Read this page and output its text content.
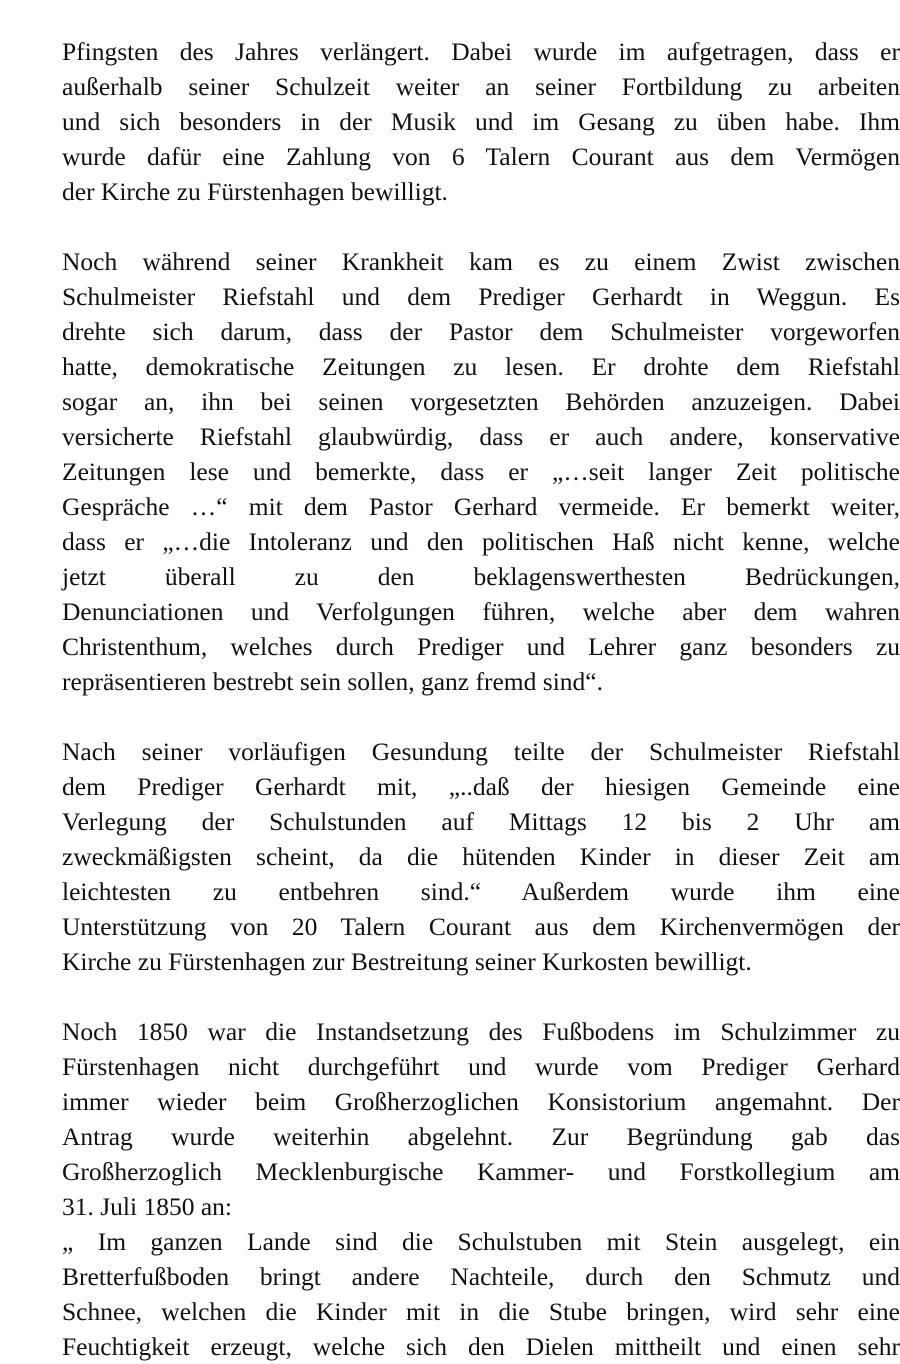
Pfingsten des Jahres verlängert. Dabei wurde im aufgetragen, dass er
außerhalb seiner Schulzeit weiter an seiner Fortbildung zu arbeiten
und sich besonders in der Musik und im Gesang zu üben habe. Ihm
wurde dafür eine Zahlung von 6 Talern Courant aus dem Vermögen
der Kirche zu Fürstenhagen bewilligt.
Noch während seiner Krankheit kam es zu einem Zwist zwischen
Schulmeister Riefstahl und dem Prediger Gerhardt in Weggun. Es
drehte sich darum, dass der Pastor dem Schulmeister vorgeworfen
hatte, demokratische Zeitungen zu lesen. Er drohte dem Riefstahl
sogar an, ihn bei seinen vorgesetzten Behörden anzuzeigen. Dabei
versicherte Riefstahl glaubwürdig, dass er auch andere, konservative
Zeitungen lese und bemerkte, dass er „…seit langer Zeit politische
Gespräche …“ mit dem Pastor Gerhard vermeide. Er bemerkt weiter,
dass er „…die Intoleranz und den politischen Haß nicht kenne, welche
jetzt überall zu den beklagenswerthesten Bedrückungen,
Denunciationen und Verfolgungen führen, welche aber dem wahren
Christenthum, welches durch Prediger und Lehrer ganz besonders zu
repräsentieren bestrebt sein sollen, ganz fremd sind“.
Nach seiner vorläufigen Gesundung teilte der Schulmeister Riefstahl
dem Prediger Gerhardt mit, „..daß der hiesigen Gemeinde eine
Verlegung der Schulstunden auf Mittags 12 bis 2 Uhr am
zweckmäßigsten scheint, da die hütenden Kinder in dieser Zeit am
leichtesten zu entbehren sind.“ Außerdem wurde ihm eine
Unterstützung von 20 Talern Courant aus dem Kirchenvermögen der
Kirche zu Fürstenhagen zur Bestreitung seiner Kurkosten bewilligt.
Noch 1850 war die Instandsetzung des Fußbodens im Schulzimmer zu
Fürstenhagen nicht durchgeführt und wurde vom Prediger Gerhard
immer wieder beim Großherzoglichen Konsistorium angemahnt. Der
Antrag wurde weiterhin abgelehnt. Zur Begründung gab das
Großherzoglich Mecklenburgische Kammer- und Forstkollegium am
31. Juli 1850 an:
„ Im ganzen Lande sind die Schulstuben mit Stein ausgelegt, ein
Bretterfußboden bringt andere Nachteile, durch den Schmutz und
Schnee, welchen die Kinder mit in die Stube bringen, wird sehr eine
Feuchtigkeit erzeugt, welche sich den Dielen mittheilt und einen sehr
